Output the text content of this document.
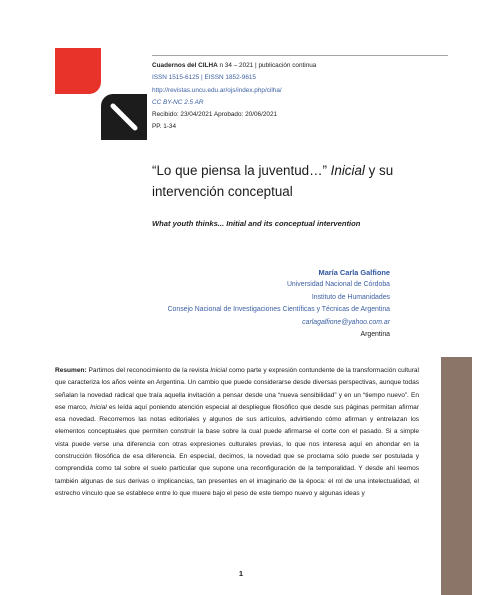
Cuadernos del CILHA n 34 – 2021 | publicación continua
ISSN 1515-6125 | EISSN 1852-9615
http://revistas.uncu.edu.ar/ojs/index.php/cilha/
CC BY-NC 2.5 AR
Recibido: 23/04/2021 Aprobado: 20/06/2021
PP. 1-34
“Lo que piensa la juventud…” Inicial y su intervención conceptual
What youth thinks... Initial and its conceptual intervention
María Carla Galfione
Universidad Nacional de Córdoba
Instituto de Humanidades
Consejo Nacional de Investigaciones Científicas y Técnicas de Argentina
carlagalfione@yahoo.com.ar
Argentina
Resumen: Partimos del reconocimiento de la revista Inicial como parte y expresión contundente de la transformación cultural que caracteriza los años veinte en Argentina. Un cambio que puede considerarse desde diversas perspectivas, aunque todas señalan la novedad radical que traía aquella invitación a pensar desde una “nueva sensibilidad” y en un “tiempo nuevo”. En ese marco, Inicial es leída aquí poniendo atención especial al despliegue filosófico que desde sus páginas permitan afirmar esa novedad. Recorremos las notas editoriales y algunos de sus artículos, advirtiendo cómo afirman y entrelazan los elementos conceptuales que permiten construir la base sobre la cual puede afirmarse el corte con el pasado. Si a simple vista puede verse una diferencia con otras expresiones culturales previas, lo que nos interesa aquí en ahondar en la construcción filosófica de esa diferencia. En especial, decimos, la novedad que se proclama sólo puede ser postulada y comprendida como tal sobre el suelo particular que supone una reconfiguración de la temporalidad. Y desde ahí leemos también algunas de sus derivas o implicancias, tan presentes en el imaginario de la época: el rol de una intelectualidad, el estrecho vínculo que se establece entre lo que muere bajo el peso de este tiempo nuevo y algunas ideas y
1
